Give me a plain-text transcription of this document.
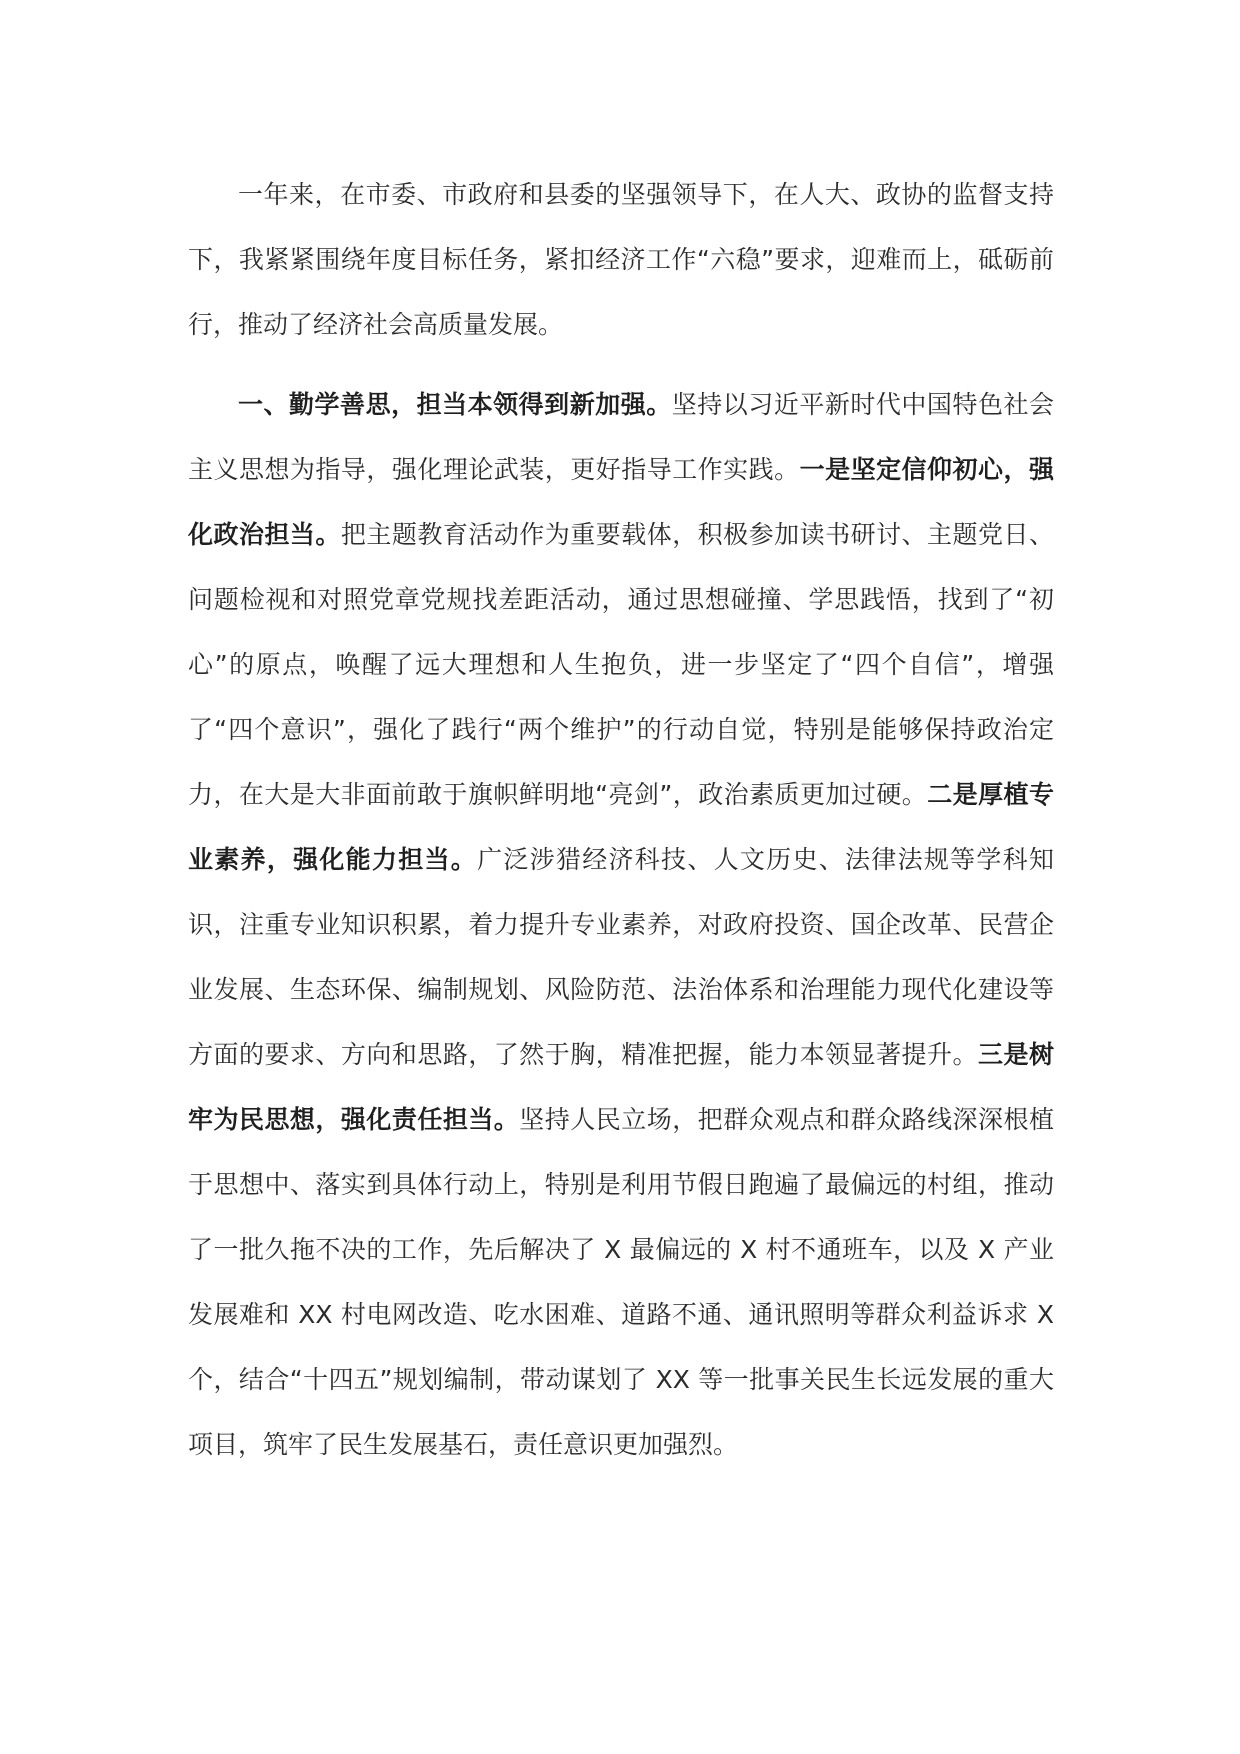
一年来，在市委、市政府和县委的坚强领导下，在人大、政协的监督支持下，我紧紧围绕年度目标任务，紧扣经济工作“六稳”要求，迎难而上，砥砺前行，推动了经济社会高质量发展。

一、勤学善思，担当本领得到新加强。坚持以习近平新时代中国特色社会主义思想为指导，强化理论武装，更好指导工作实践。一是坚定信仰初心，强化政治担当。把主题教育活动作为重要载体，积极参加读书研讨、主题党日、问题检视和对照党章党规找差距活动，通过思想碰撞、学思践悟，找到了“初心”的原点，唤醒了远大理想和人生抱负，进一步坚定了“四个自信”，增强了“四个意识”，强化了践行“两个维护”的行动自觉，特别是能够保持政治定力，在大是大非面前敢于旗帜鲜明地“亮剑”，政治素质更加过硬。二是厚植专业素养，强化能力担当。广泛涉猎经济科技、人文历史、法律法规等学科知识，注重专业知识积累，着力提升专业素养，对政府投资、国企改革、民营企业发展、生态环保、编制规划、风险防范、法治体系和治理能力现代化建设等方面的要求、方向和思路，了然于胸，精准把握，能力本领显著提升。三是树牢为民思想，强化责任担当。坚持人民立场，把群众观点和群众路线深深根植于思想中、落实到具体行动上，特别是利用节假日跑遍了最偏远的村组，推动了一批久拖不决的工作，先后解决了 X 最偏远的 X 村不通班车，以及 X 产业发展难和 XX 村电网改造、吃水困难、道路不通、通讯照明等群众利益诉求 X 个，结合“十四五”规划编制，带动谋划了 XX 等一批事关民生长远发展的重大项目，筑牢了民生发展基石，责任意识更加强烈。
